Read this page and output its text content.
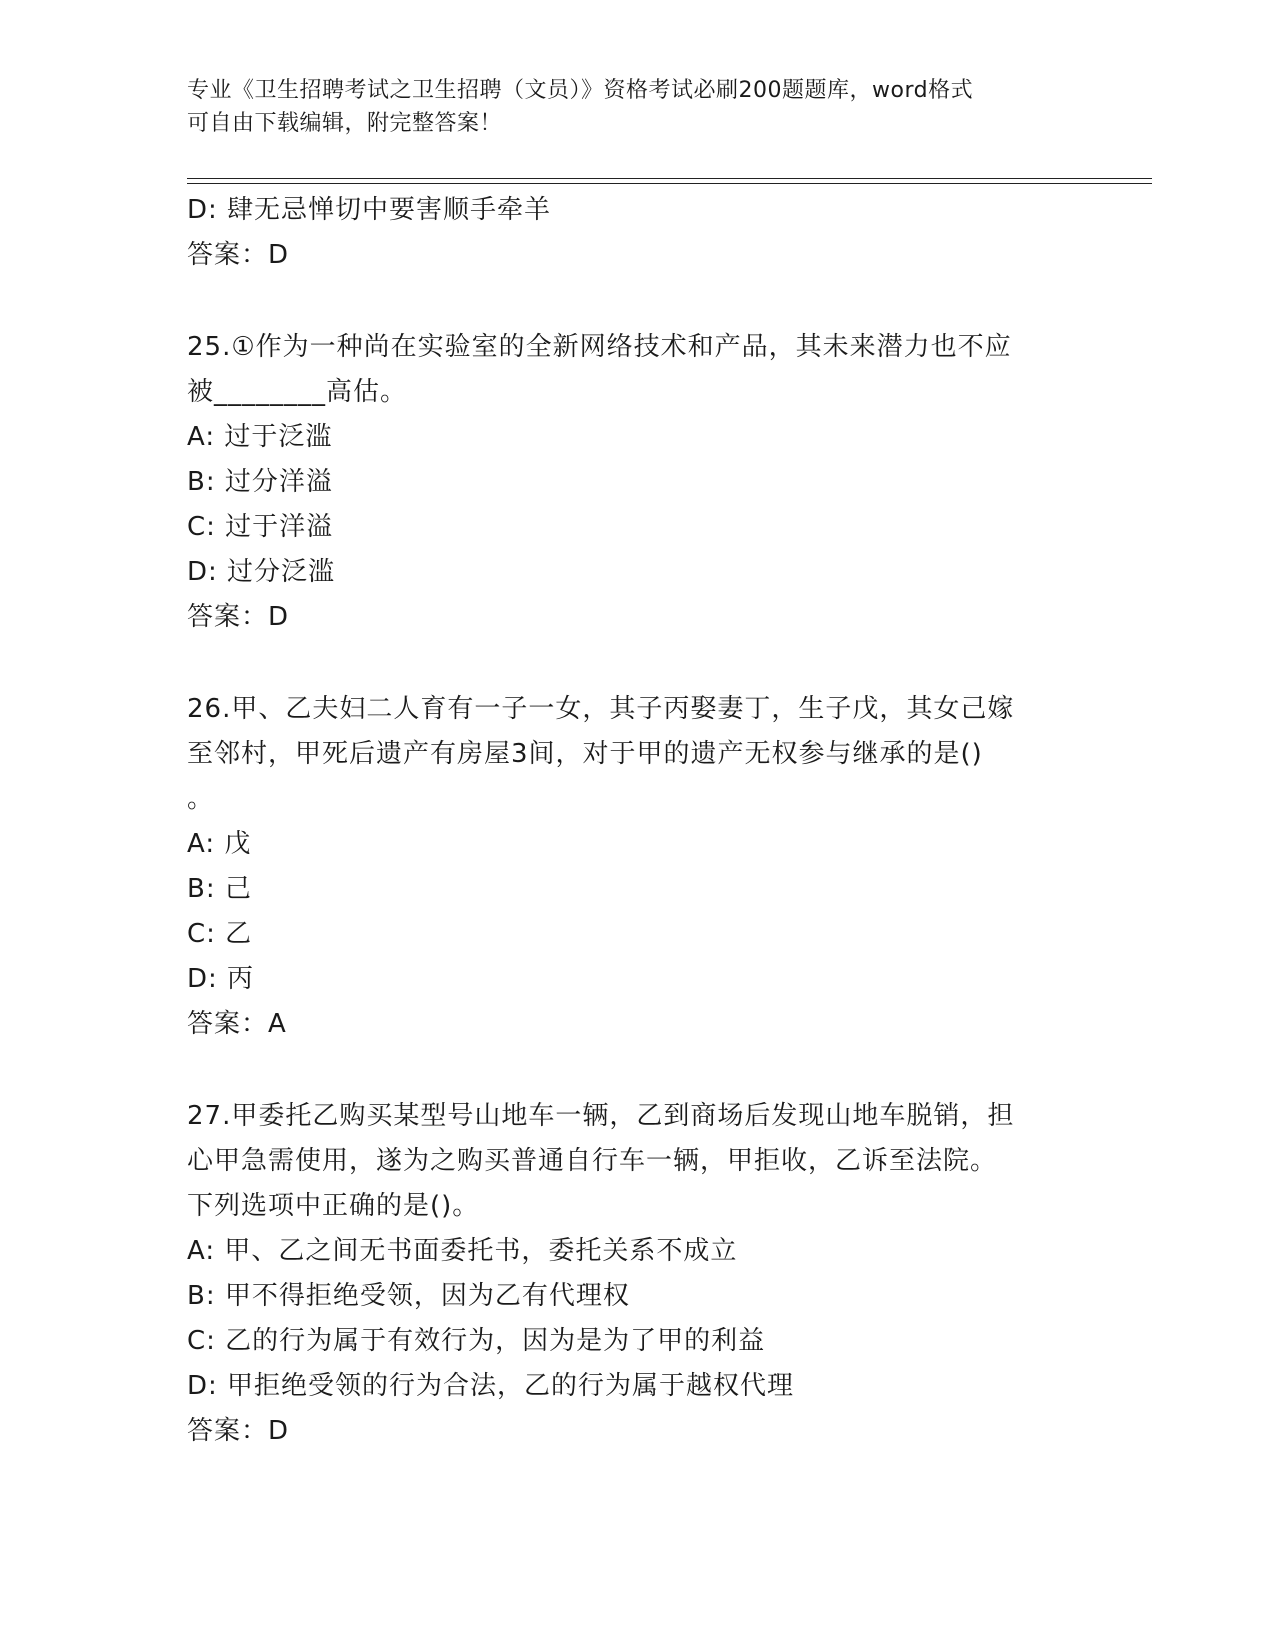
专业《卫生招聘考试之卫生招聘（文员）》资格考试必刷200题题库，word格式
可自由下载编辑，附完整答案！
D: 肆无忌惮切中要害顺手牵羊
答案：D
25.①作为一种尚在实验室的全新网络技术和产品，其未来潜力也不应
被________高估。
A: 过于泛滥
B: 过分洋溢
C: 过于洋溢
D: 过分泛滥
答案：D
26.甲、乙夫妇二人育有一子一女，其子丙娶妻丁，生子戊，其女己嫁
至邻村，甲死后遗产有房屋3间，对于甲的遗产无权参与继承的是()
。
A: 戊
B: 己
C: 乙
D: 丙
答案：A
27.甲委托乙购买某型号山地车一辆，乙到商场后发现山地车脱销，担
心甲急需使用，遂为之购买普通自行车一辆，甲拒收，乙诉至法院。
下列选项中正确的是()。
A: 甲、乙之间无书面委托书，委托关系不成立
B: 甲不得拒绝受领，因为乙有代理权
C: 乙的行为属于有效行为，因为是为了甲的利益
D: 甲拒绝受领的行为合法，乙的行为属于越权代理
答案：D
